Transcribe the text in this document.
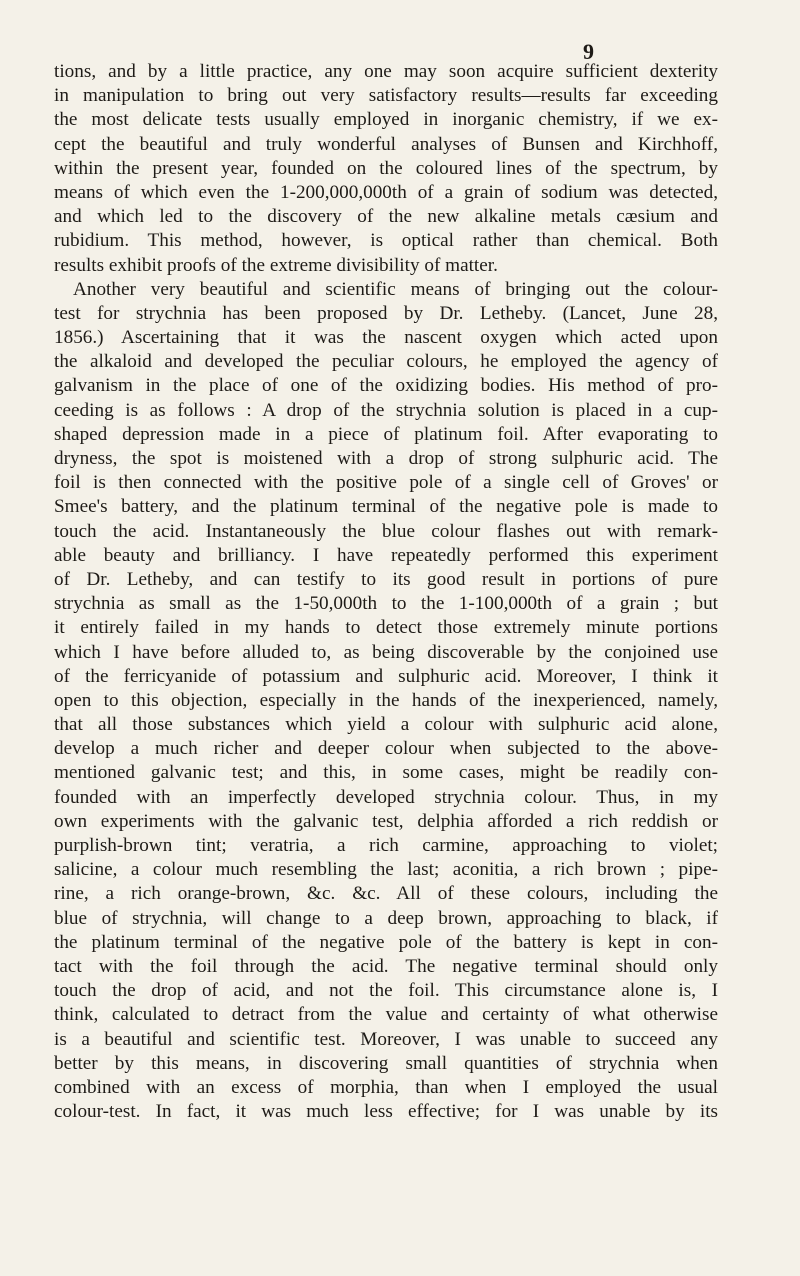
9
tions, and by a little practice, any one may soon acquire sufficient dexterity
in manipulation to bring out very satisfactory results—results far exceeding
the most delicate tests usually employed in inorganic chemistry, if we ex-
cept the beautiful and truly wonderful analyses of Bunsen and Kirchhoff,
within the present year, founded on the coloured lines of the spectrum, by
means of which even the 1-200,000,000th of a grain of sodium was detected,
and which led to the discovery of the new alkaline metals cæsium and
rubidium. This method, however, is optical rather than chemical. Both
results exhibit proofs of the extreme divisibility of matter.
Another very beautiful and scientific means of bringing out the colour-
test for strychnia has been proposed by Dr. Letheby. (Lancet, June 28,
1856.) Ascertaining that it was the nascent oxygen which acted upon
the alkaloid and developed the peculiar colours, he employed the agency of
galvanism in the place of one of the oxidizing bodies. His method of pro-
ceeding is as follows : A drop of the strychnia solution is placed in a cup-
shaped depression made in a piece of platinum foil. After evaporating to
dryness, the spot is moistened with a drop of strong sulphuric acid. The
foil is then connected with the positive pole of a single cell of Groves' or
Smee's battery, and the platinum terminal of the negative pole is made to
touch the acid. Instantaneously the blue colour flashes out with remark-
able beauty and brilliancy. I have repeatedly performed this experiment
of Dr. Letheby, and can testify to its good result in portions of pure
strychnia as small as the 1-50,000th to the 1-100,000th of a grain ; but
it entirely failed in my hands to detect those extremely minute portions
which I have before alluded to, as being discoverable by the conjoined use
of the ferricyanide of potassium and sulphuric acid. Moreover, I think it
open to this objection, especially in the hands of the inexperienced, namely,
that all those substances which yield a colour with sulphuric acid alone,
develop a much richer and deeper colour when subjected to the above-
mentioned galvanic test; and this, in some cases, might be readily con-
founded with an imperfectly developed strychnia colour. Thus, in my
own experiments with the galvanic test, delphia afforded a rich reddish or
purplish-brown tint; veratria, a rich carmine, approaching to violet;
salicine, a colour much resembling the last; aconitia, a rich brown ; pipe-
rine, a rich orange-brown, &c. &c. All of these colours, including the
blue of strychnia, will change to a deep brown, approaching to black, if
the platinum terminal of the negative pole of the battery is kept in con-
tact with the foil through the acid. The negative terminal should only
touch the drop of acid, and not the foil. This circumstance alone is, I
think, calculated to detract from the value and certainty of what otherwise
is a beautiful and scientific test. Moreover, I was unable to succeed any
better by this means, in discovering small quantities of strychnia when
combined with an excess of morphia, than when I employed the usual
colour-test. In fact, it was much less effective; for I was unable by its
